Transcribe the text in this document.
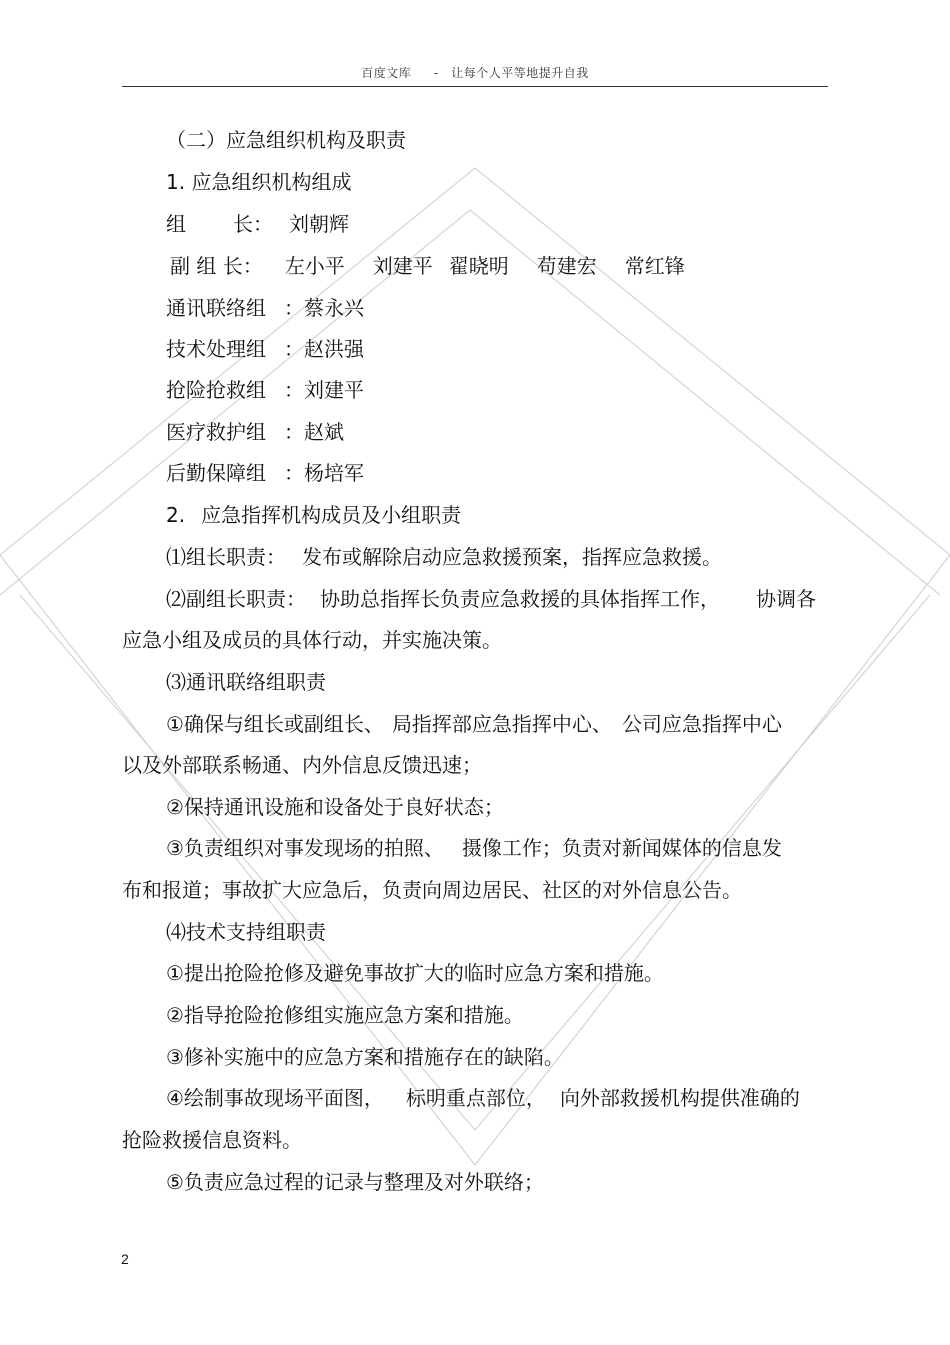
百度文库 - 让每个人平等地提升自我
（二）应急组织机构及职责
1. 应急组织机构组成
组 长： 刘朝辉
副 组 长： 左小平 刘建平 翟晓明 苟建宏 常红锋
通讯联络组 ：蔡永兴
技术处理组 ：赵洪强
抢险抢救组 ：刘建平
医疗救护组 ：赵斌
后勤保障组 ：杨培军
2. 应急指挥机构成员及小组职责
⑴组长职责： 发布或解除启动应急救援预案，指挥应急救援。
⑵副组长职责： 协助总指挥长负责应急救援的具体指挥工作， 协调各
应急小组及成员的具体行动，并实施决策。
⑶通讯联络组职责
①确保与组长或副组长、 局指挥部应急指挥中心、 公司应急指挥中心
以及外部联系畅通、内外信息反馈迅速；
②保持通讯设施和设备处于良好状态；
③负责组织对事发现场的拍照、 摄像工作；负责对新闻媒体的信息发
布和报道；事故扩大应急后，负责向周边居民、社区的对外信息公告。
⑷技术支持组职责
①提出抢险抢修及避免事故扩大的临时应急方案和措施。
②指导抢险抢修组实施应急方案和措施。
③修补实施中的应急方案和措施存在的缺陷。
④绘制事故现场平面图， 标明重点部位， 向外部救援机构提供准确的
抢险救援信息资料。
⑤负责应急过程的记录与整理及对外联络；
2
